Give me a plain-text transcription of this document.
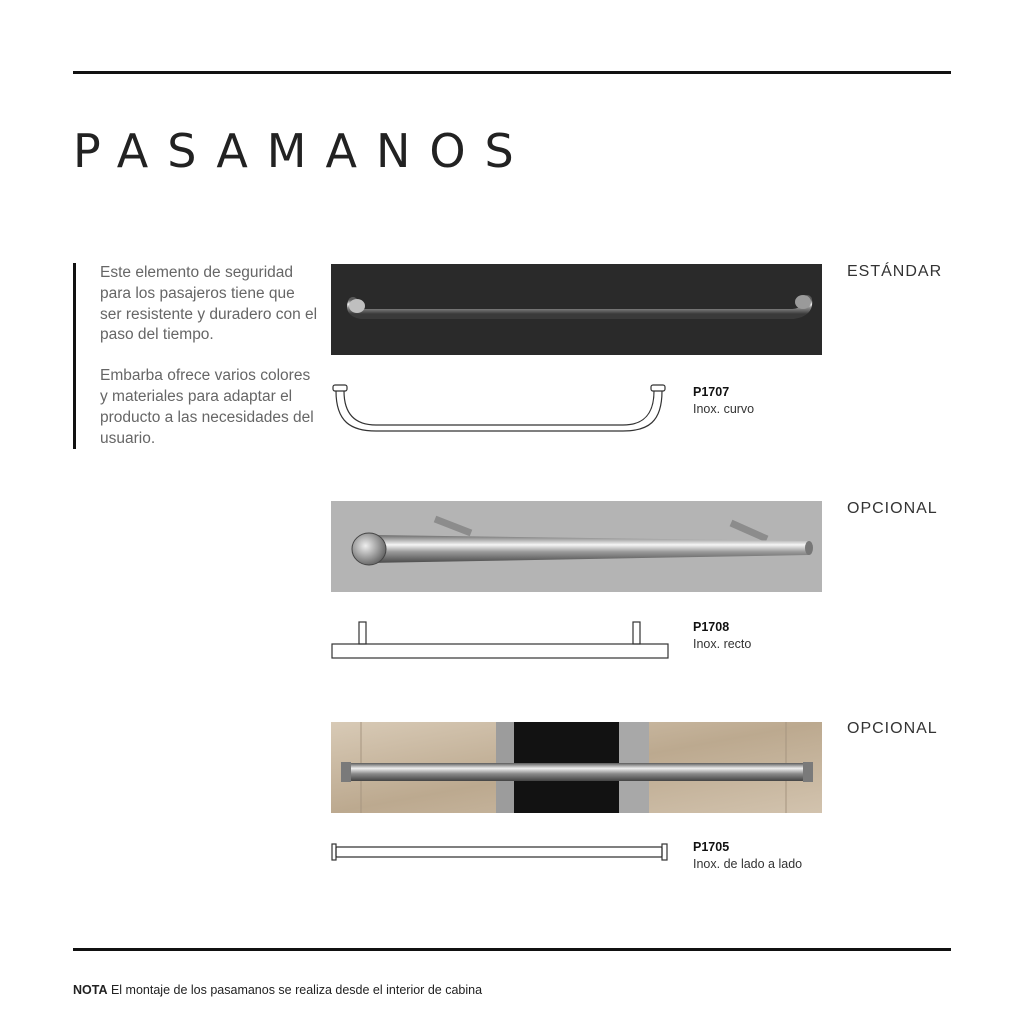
PASAMANOS

Este elemento de seguridad para los pasajeros tiene que ser resistente y duradero con el paso del tiempo.

Embarba ofrece varios colores y materiales para adaptar el producto a las necesidades del usuario.

ESTÁNDAR
P1707
Inox. curvo
OPCIONAL
P1708
Inox. recto
OPCIONAL
P1705
Inox. de lado a lado
NOTA El montaje de los pasamanos se realiza desde el interior de cabina
